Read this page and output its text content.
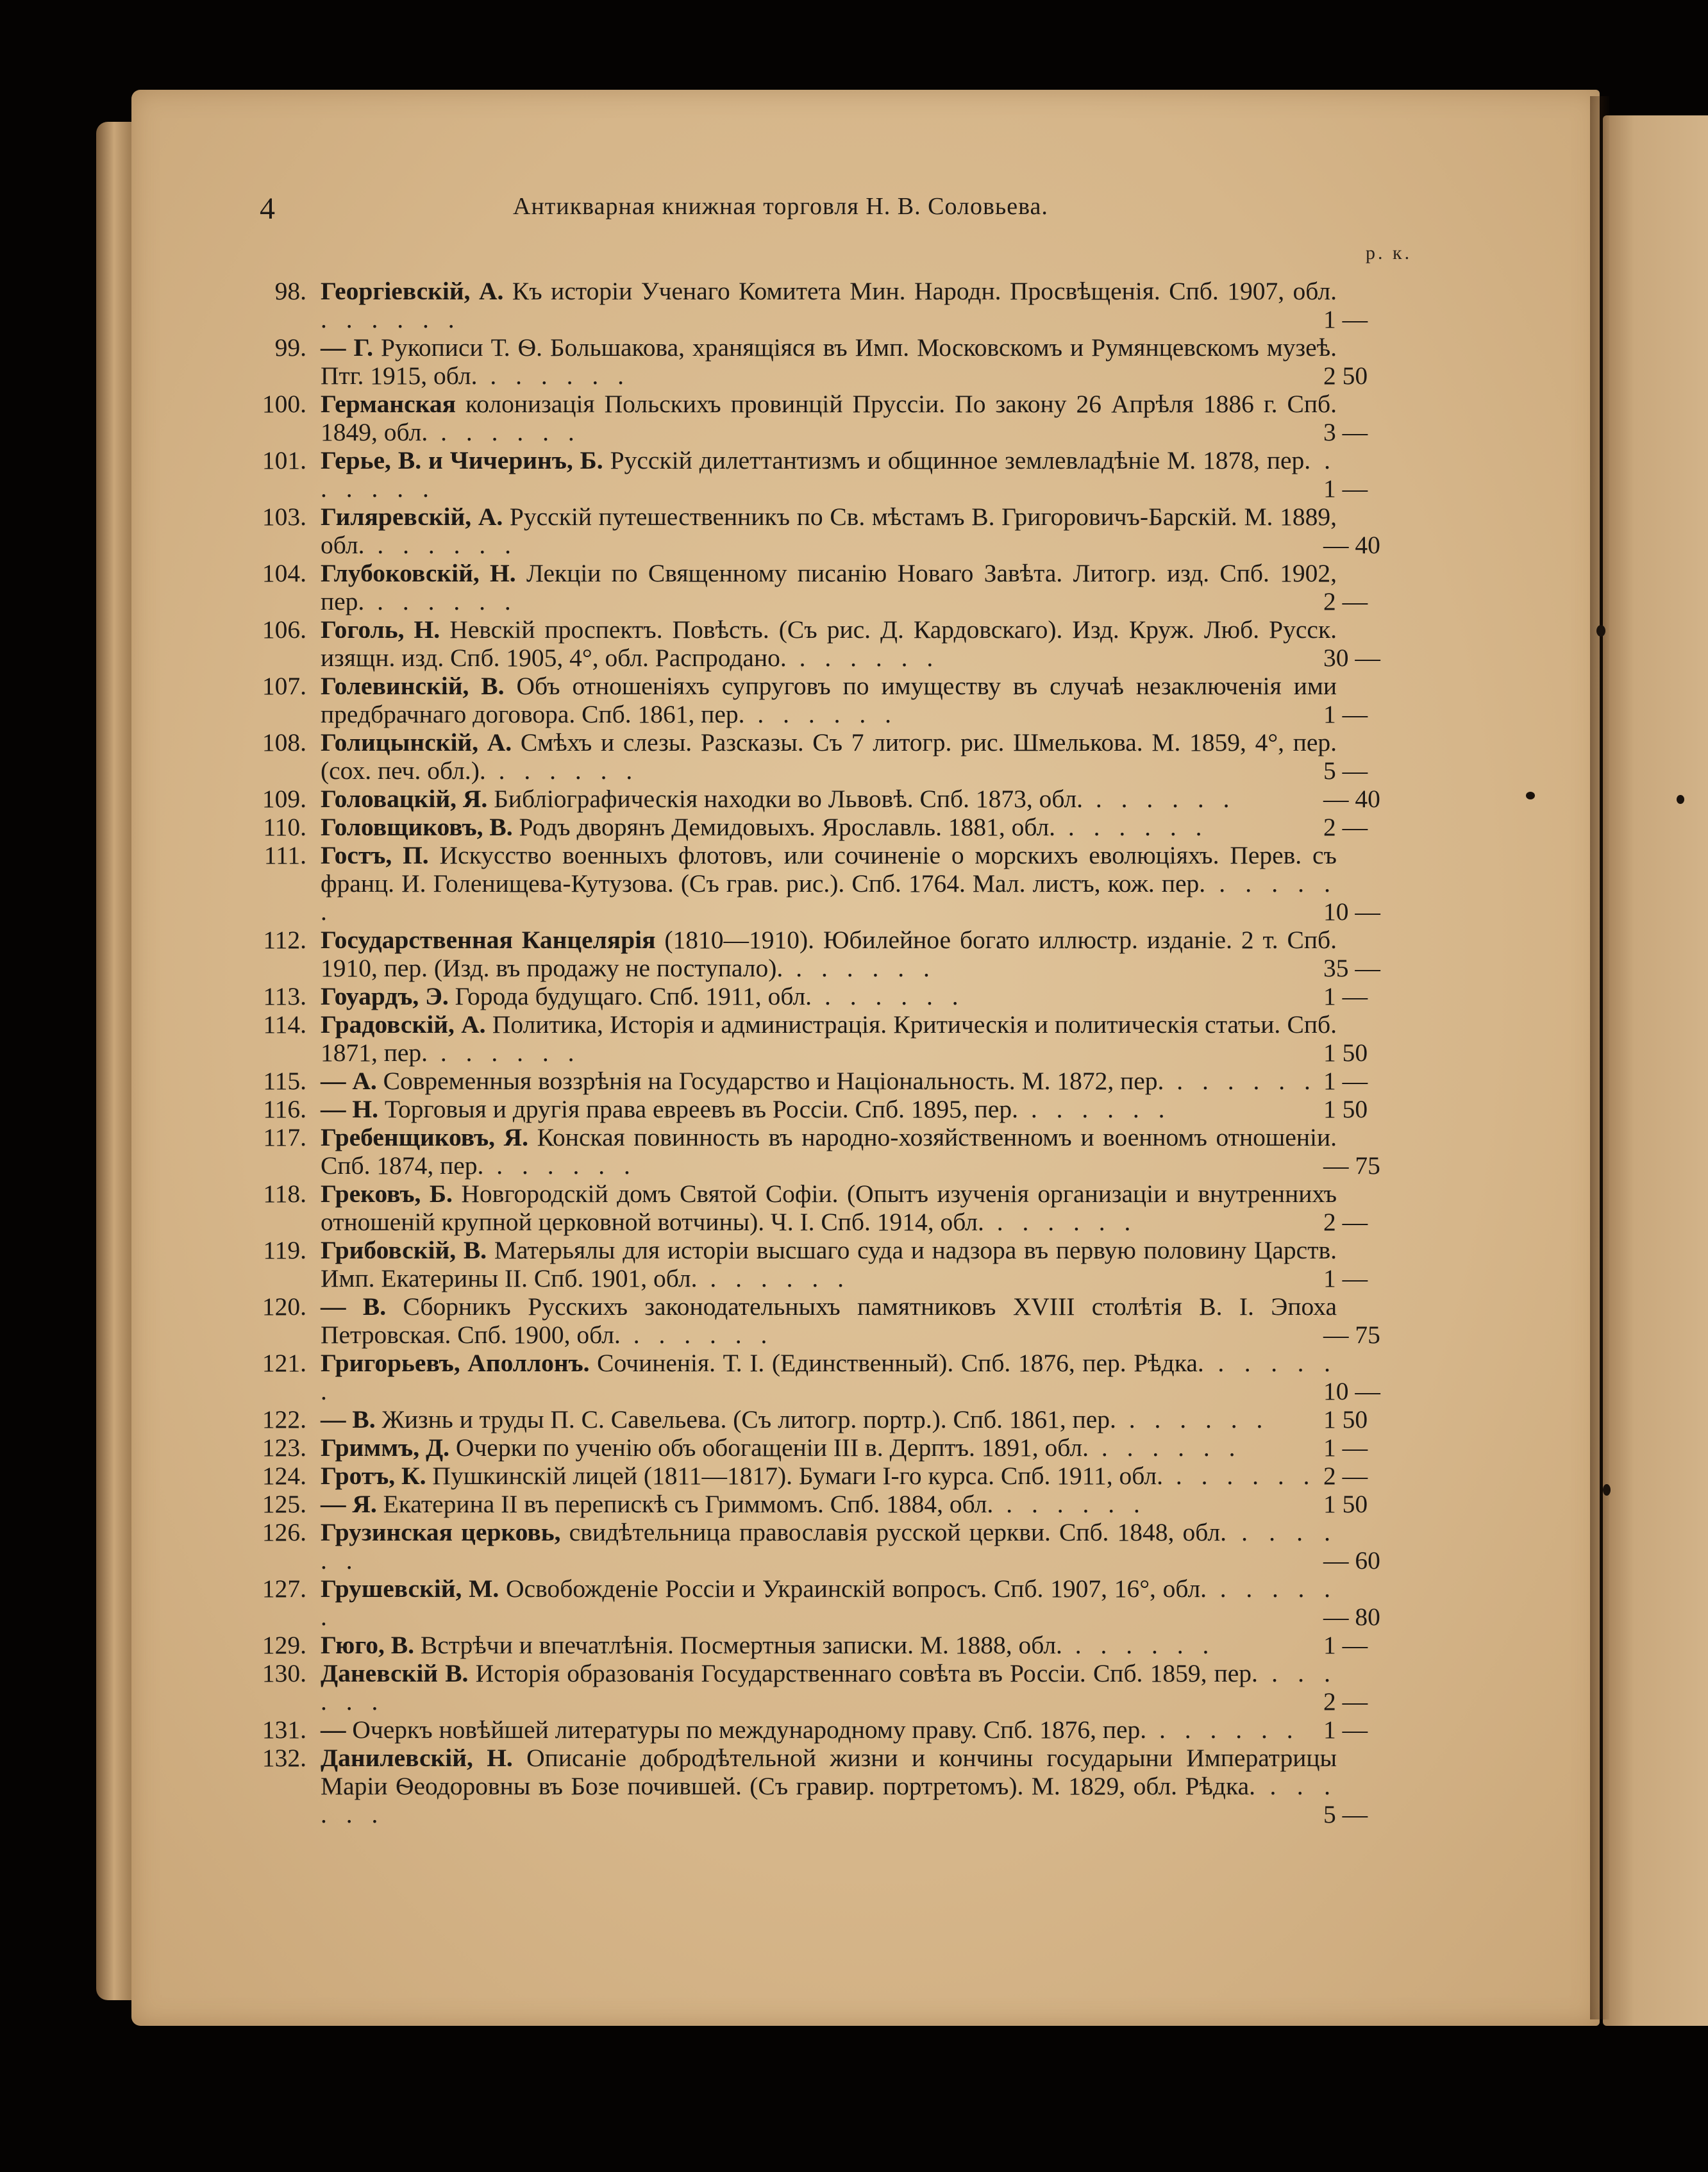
4	Антикварная книжная торговля Н. В. Соловьева.
р. к.
98. Георгіевскій, А. Къ исторіи Ученаго Комитета Мин. Народн. Просвѣщенія. Спб. 1907, обл. . . . . . .	1 —
99. — Г. Рукописи Т. Ѳ. Большакова, хранящіяся въ Имп. Московскомъ и Румянцевскомъ музеѣ. Птг. 1915, обл. . . . . . .	2 50
100. Германская колонизація Польскихъ провинцій Пруссіи. По закону 26 Апрѣля 1886 г. Спб. 1849, обл. . . . . . .	3 —
101. Герье, В. и Чичеринъ, Б. Русскій дилеттантизмъ и общинное землевладѣніе М. 1878, пер. . . . . . .	1 —
103. Гиляревскій, А. Русскій путешественникъ по Св. мѣстамъ В. Григоровичъ-Барскій. М. 1889, обл. . . . . . .	— 40
104. Глубоковскій, Н. Лекціи по Священному писанію Новаго Завѣта. Литогр. изд. Спб. 1902, пер. . . . . . .	2 —
106. Гоголь, Н. Невскій проспектъ. Повѣсть. (Съ рис. Д. Кардовскаго). Изд. Круж. Люб. Русск. изящн. изд. Спб. 1905, 4°, обл. Распродано. . . . . . .	30 —
107. Голевинскій, В. Объ отношеніяхъ супруговъ по имуществу въ случаѣ незаключенія ими предбрачнаго договора. Спб. 1861, пер. . . . . . .	1 —
108. Голицынскій, А. Смѣхъ и слезы. Разсказы. Съ 7 литогр. рис. Шмелькова. М. 1859, 4°, пер. (сох. печ. обл.). . . . . . .	5 —
109. Головацкій, Я. Библіографическія находки во Львовѣ. Спб. 1873, обл. . . . . . .	— 40
110. Головщиковъ, В. Родъ дворянъ Демидовыхъ. Ярославль. 1881, обл. . . . . . .	2 —
111. Гостъ, П. Искусство военныхъ флотовъ, или сочиненіе о морскихъ еволюціяхъ. Перев. съ франц. И. Голенищева-Кутузова. (Съ грав. рис.). Спб. 1764. Мал. листъ, кож. пер. . . . . . .	10 —
112. Государственная Канцелярія (1810—1910). Юбилейное богато иллюстр. изданіе. 2 т. Спб. 1910, пер. (Изд. въ продажу не поступало). . . . . . .	35 —
113. Гоуардъ, Э. Города будущаго. Спб. 1911, обл. . . . . . .	1 —
114. Градовскій, А. Политика, Исторія и администрація. Критическія и политическія статьи. Спб. 1871, пер. . . . . . .	1 50
115. — А. Современныя воззрѣнія на Государство и Національность. М. 1872, пер. . . . . . . 1 —
116. — Н. Торговыя и другія права евреевъ въ Россіи. Спб. 1895, пер. . . . . . .	1 50
117. Гребенщиковъ, Я. Конская повинность въ народно-хозяйственномъ и военномъ отношеніи. Спб. 1874, пер. . . . . . .	— 75
118. Грековъ, Б. Новгородскій домъ Святой Софіи. (Опытъ изученія организаціи и внутреннихъ отношеній крупной церковной вотчины). Ч. I. Спб. 1914, обл. . . . . . .	2 —
119. Грибовскій, В. Матерьялы для исторіи высшаго суда и надзора въ первую половину Царств. Имп. Екатерины II. Спб. 1901, обл. . . . . . .	1 —
120. — В. Сборникъ Русскихъ законодательныхъ памятниковъ XVIII столѣтія В. I. Эпоха Петровская. Спб. 1900, обл. . . . . . .	— 75
121. Григорьевъ, Аполлонъ. Сочиненія. Т. I. (Единственный). Спб. 1876, пер. Рѣдка. . . . . . .	10 —
122. — В. Жизнь и труды П. С. Савельева. (Съ литогр. портр.). Спб. 1861, пер. . . . . . .	1 50
123. Гриммъ, Д. Очерки по ученію объ обогащеніи III в. Дерптъ. 1891, обл. . . . . . .	1 —
124. Гротъ, К. Пушкинскій лицей (1811—1817). Бумаги I-го курса. Спб. 1911, обл. . . . . . . 2 —
125. — Я. Екатерина II въ перепискѣ съ Гриммомъ. Спб. 1884, обл. . . . . . .	1 50
126. Грузинская церковь, свидѣтельница православія русской церкви. Спб. 1848, обл. . . . . . .	— 60
127. Грушевскій, М. Освобожденіе Россіи и Украинскій вопросъ. Спб. 1907, 16°, обл. . . . . . .	— 80
129. Гюго, В. Встрѣчи и впечатлѣнія. Посмертныя записки. М. 1888, обл. . . . . . .	1 —
130. Даневскій В. Исторія образованія Государственнаго совѣта въ Россіи. Спб. 1859, пер. . . . . . .	2 —
131. — Очеркъ новѣйшей литературы по международному праву. Спб. 1876, пер. . . . . . . 1 —
132. Данилевскій, Н. Описаніе добродѣтельной жизни и кончины государыни Императрицы Маріи Ѳеодоровны въ Бозе почившей. (Съ гравир. портретомъ). М. 1829, обл. Рѣдка. . . . . . .	5 —
